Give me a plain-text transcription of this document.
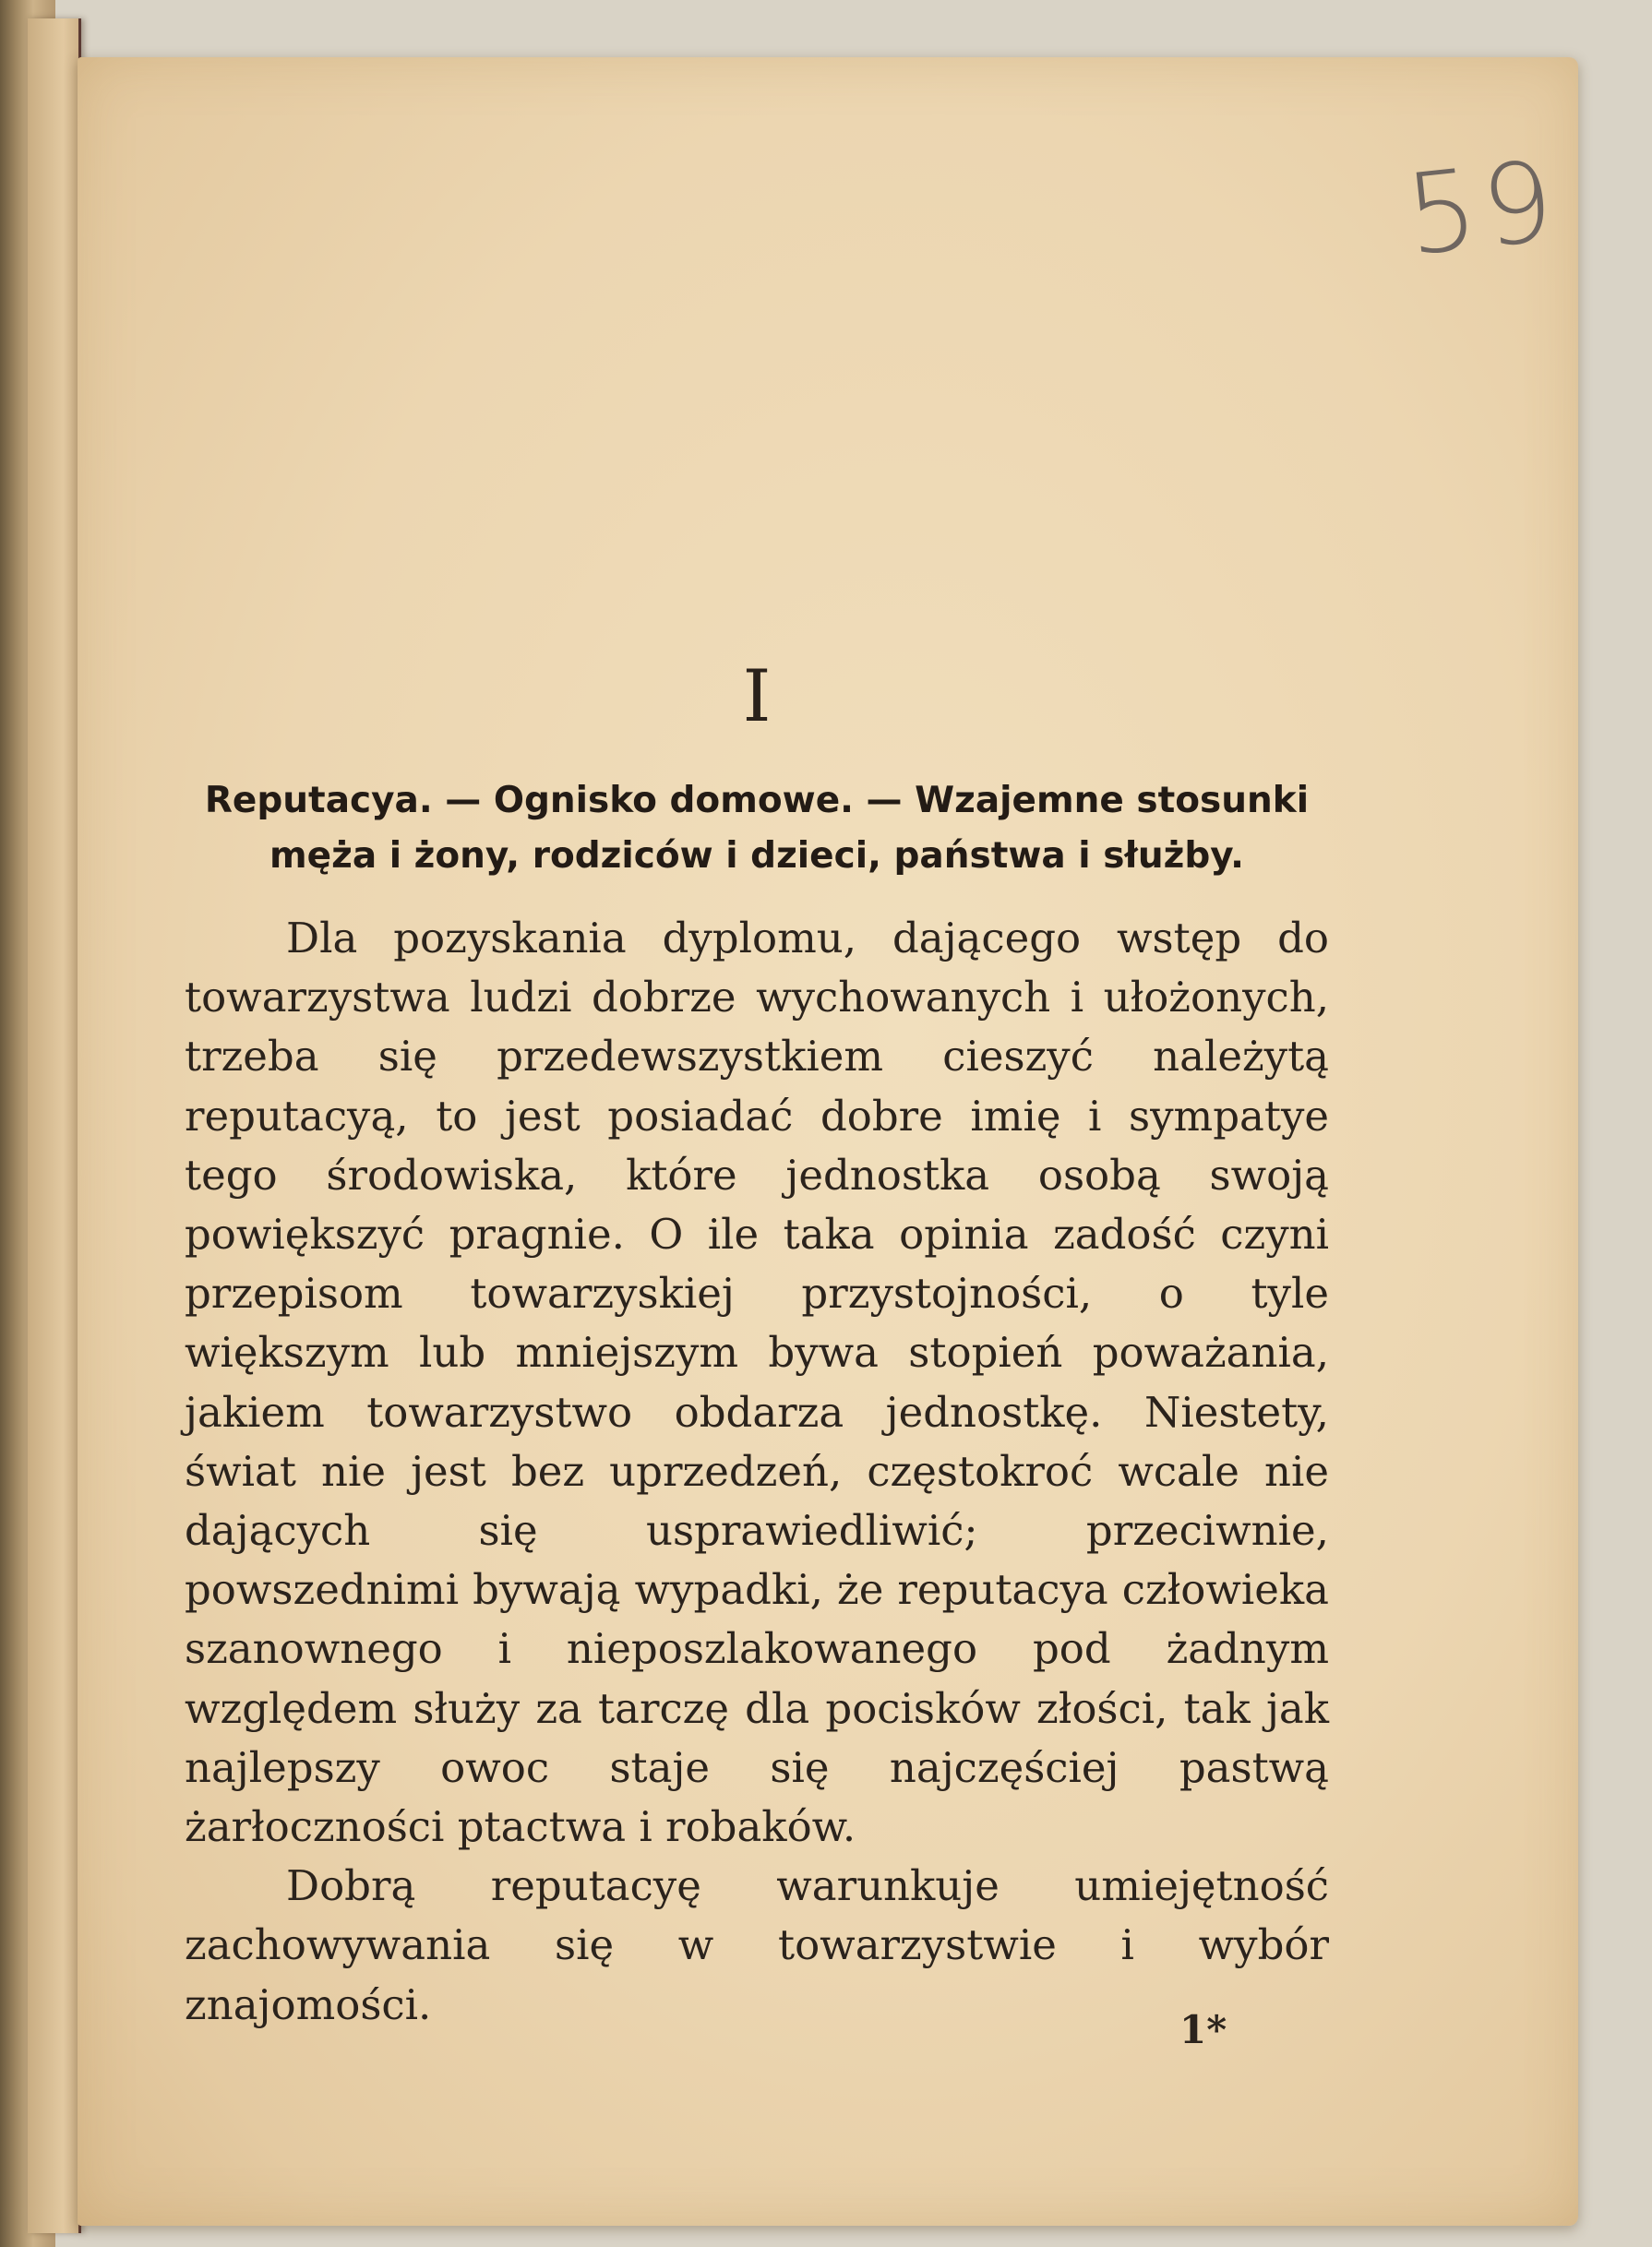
59
I
Reputacya. — Ognisko domowe. — Wzajemne stosunki
męża i żony, rodziców i dzieci, państwa i służby.

Dla pozyskania dyplomu, dającego wstęp do towarzystwa ludzi dobrze wychowanych i ułożonych, trzeba się przedewszystkiem cieszyć należytą reputacyą, to jest posiadać dobre imię i sympatye tego środowiska, które jednostka osobą swoją powiększyć pragnie. O ile taka opinia zadość czyni przepisom towarzyskiej przystojności, o tyle większym lub mniejszym bywa stopień poważania, jakiem towarzystwo obdarza jednostkę. Niestety, świat nie jest bez uprzedzeń, częstokroć wcale nie dających się usprawiedliwić; przeciwnie, powszednimi bywają wypadki, że reputacya człowieka szanownego i nieposzlakowanego pod żadnym względem służy za tarczę dla pocisków złości, tak jak najlepszy owoc staje się najczęściej pastwą żarłoczności ptactwa i robaków.

Dobrą reputacyę warunkuje umiejętność zachowywania się w towarzystwie i wybór znajomości.

1*
